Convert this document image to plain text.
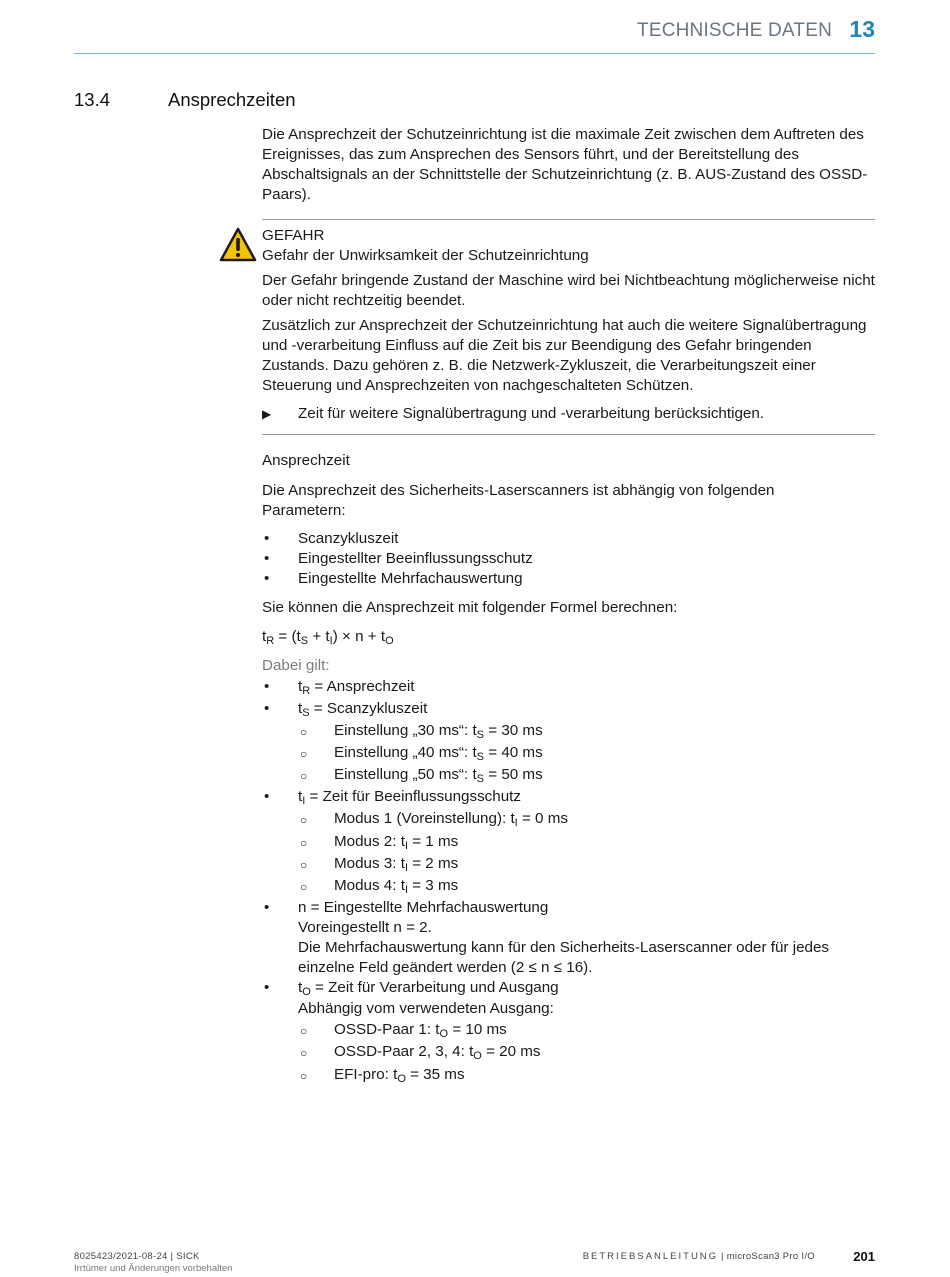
TECHNISCHE DATEN 13
13.4	Ansprechzeiten
Die Ansprechzeit der Schutzeinrichtung ist die maximale Zeit zwischen dem Auftreten des Ereignisses, das zum Ansprechen des Sensors führt, und der Bereitstellung des Abschaltsignals an der Schnittstelle der Schutzeinrichtung (z. B. AUS-Zustand des OSSD-Paars).
GEFAHR

Gefahr der Unwirksamkeit der Schutzeinrichtung

Der Gefahr bringende Zustand der Maschine wird bei Nichtbeachtung möglicherweise nicht oder nicht rechtzeitig beendet.

Zusätzlich zur Ansprechzeit der Schutzeinrichtung hat auch die weitere Signalübertragung und -verarbeitung Einfluss auf die Zeit bis zur Beendigung des Gefahr bringenden Zustands. Dazu gehören z. B. die Netzwerk-Zykluszeit, die Verarbeitungszeit einer Steuerung und Ansprechzeiten von nachgeschalteten Schützen.

▶ Zeit für weitere Signalübertragung und -verarbeitung berücksichtigen.
Ansprechzeit
Die Ansprechzeit des Sicherheits-Laserscanners ist abhängig von folgenden Parametern:
• Scanzykluszeit
• Eingestellter Beeinflussungsschutz
• Eingestellte Mehrfachauswertung
Sie können die Ansprechzeit mit folgender Formel berechnen:
$t_R = (t_S + t_I) \times n + t_O$
Dabei gilt:
• $t_R$ = Ansprechzeit
• $t_S$ = Scanzykluszeit
○ Einstellung „30 ms“: $t_S = 30$ ms
○ Einstellung „40 ms“: $t_S = 40$ ms
○ Einstellung „50 ms“: $t_S = 50$ ms
• $t_I$ = Zeit für Beeinflussungsschutz
○ Modus 1 (Voreinstellung): $t_I = 0$ ms
○ Modus 2: $t_I = 1$ ms
○ Modus 3: $t_I = 2$ ms
○ Modus 4: $t_I = 3$ ms
• n = Eingestellte Mehrfachauswertung
Voreingestellt n = 2.
Die Mehrfachauswertung kann für den Sicherheits-Laserscanner oder für jedes
einzelne Feld geändert werden (2 ≤ n ≤ 16).
• $t_O$ = Zeit für Verarbeitung und Ausgang
Abhängig vom verwendeten Ausgang:
○ OSSD-Paar 1: $t_O = 10$ ms
○ OSSD-Paar 2, 3, 4: $t_O = 20$ ms
○ EFI-pro: $t_O = 35$ ms
8025423/2021-08-24 | SICK
Irrtümer und Änderungen vorbehalten
BETRIEBSANLEITUNG | microScan3 Pro I/O	201
